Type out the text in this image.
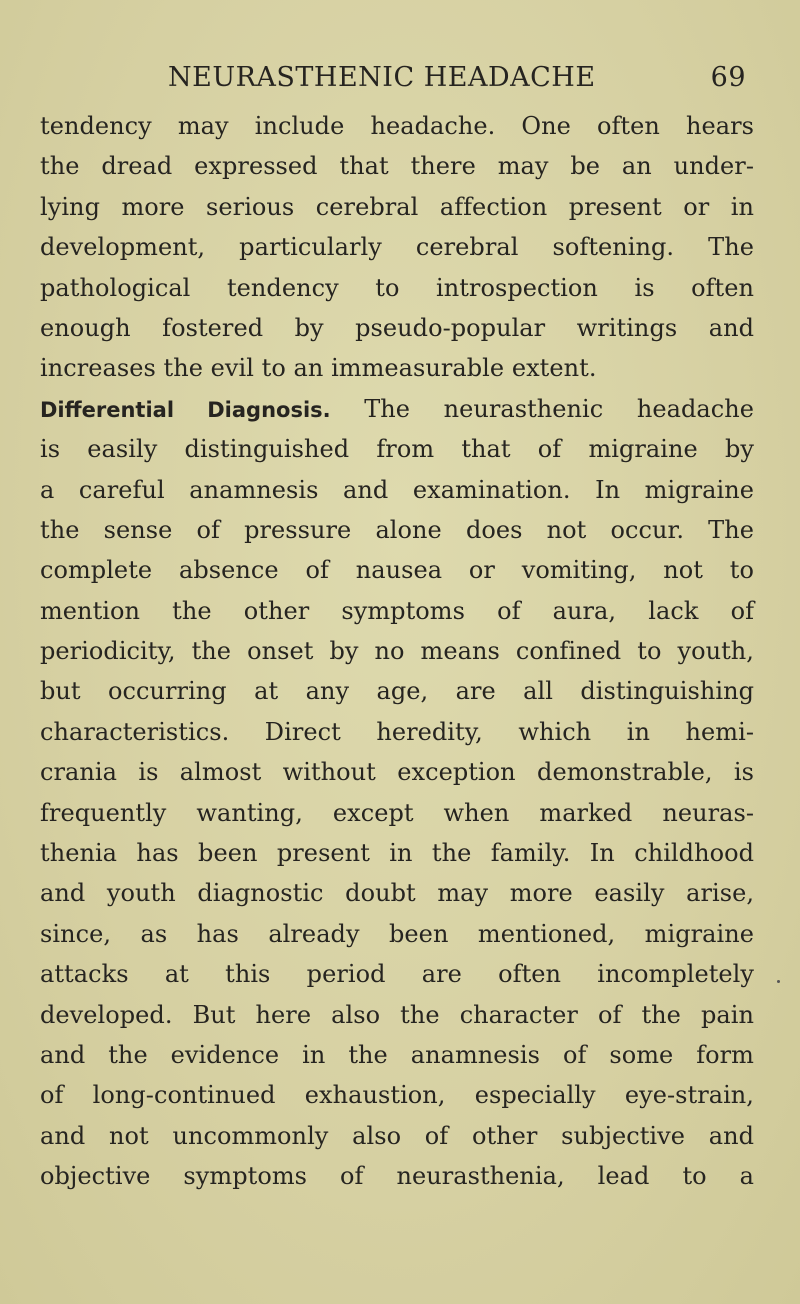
NEURASTHENIC HEADACHE	69
tendency may include headache. One often hears
the dread expressed that there may be an under-
lying more serious cerebral affection present or in
development, particularly cerebral softening. The
pathological tendency to introspection is often
enough fostered by pseudo-popular writings and
increases the evil to an immeasurable extent.
Differential Diagnosis. The neurasthenic headache
is easily distinguished from that of migraine by
a careful anamnesis and examination. In migraine
the sense of pressure alone does not occur. The
complete absence of nausea or vomiting, not to
mention the other symptoms of aura, lack of
periodicity, the onset by no means confined to youth,
but occurring at any age, are all distinguishing
characteristics. Direct heredity, which in hemi-
crania is almost without exception demonstrable, is
frequently wanting, except when marked neuras-
thenia has been present in the family. In childhood
and youth diagnostic doubt may more easily arise,
since, as has already been mentioned, migraine
attacks at this period are often incompletely
developed. But here also the character of the pain
and the evidence in the anamnesis of some form
of long-continued exhaustion, especially eye-strain,
and not uncommonly also of other subjective and
objective symptoms of neurasthenia, lead to a
